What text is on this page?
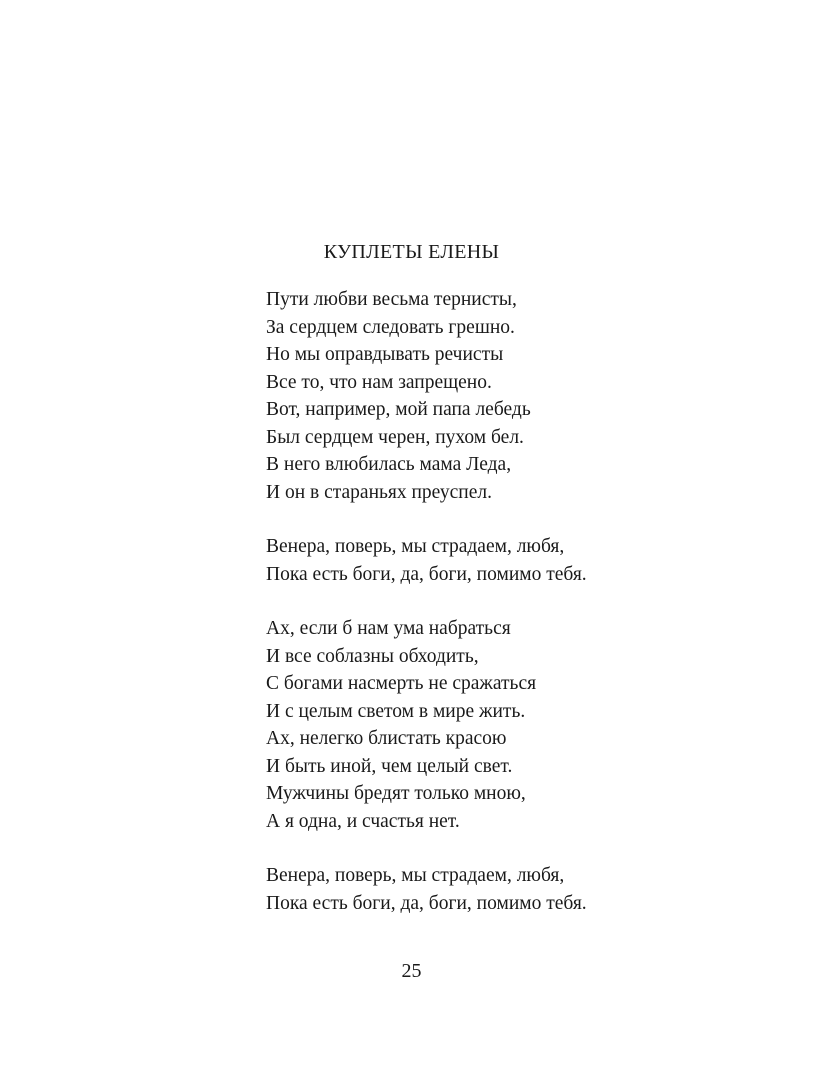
КУПЛЕТЫ ЕЛЕНЫ
Пути любви весьма тернисты,
За сердцем следовать грешно.
Но мы оправдывать речисты
Все то, что нам запрещено.
Вот, например, мой папа лебедь
Был сердцем черен, пухом бел.
В него влюбилась мама Леда,
И он в стараньях преуспел.
Венера, поверь, мы страдаем, любя,
Пока есть боги, да, боги, помимо тебя.
Ах, если б нам ума набраться
И все соблазны обходить,
С богами насмерть не сражаться
И с целым светом в мире жить.
Ах, нелегко блистать красою
И быть иной, чем целый свет.
Мужчины бредят только мною,
А я одна, и счастья нет.
Венера, поверь, мы страдаем, любя,
Пока есть боги, да, боги, помимо тебя.
25
